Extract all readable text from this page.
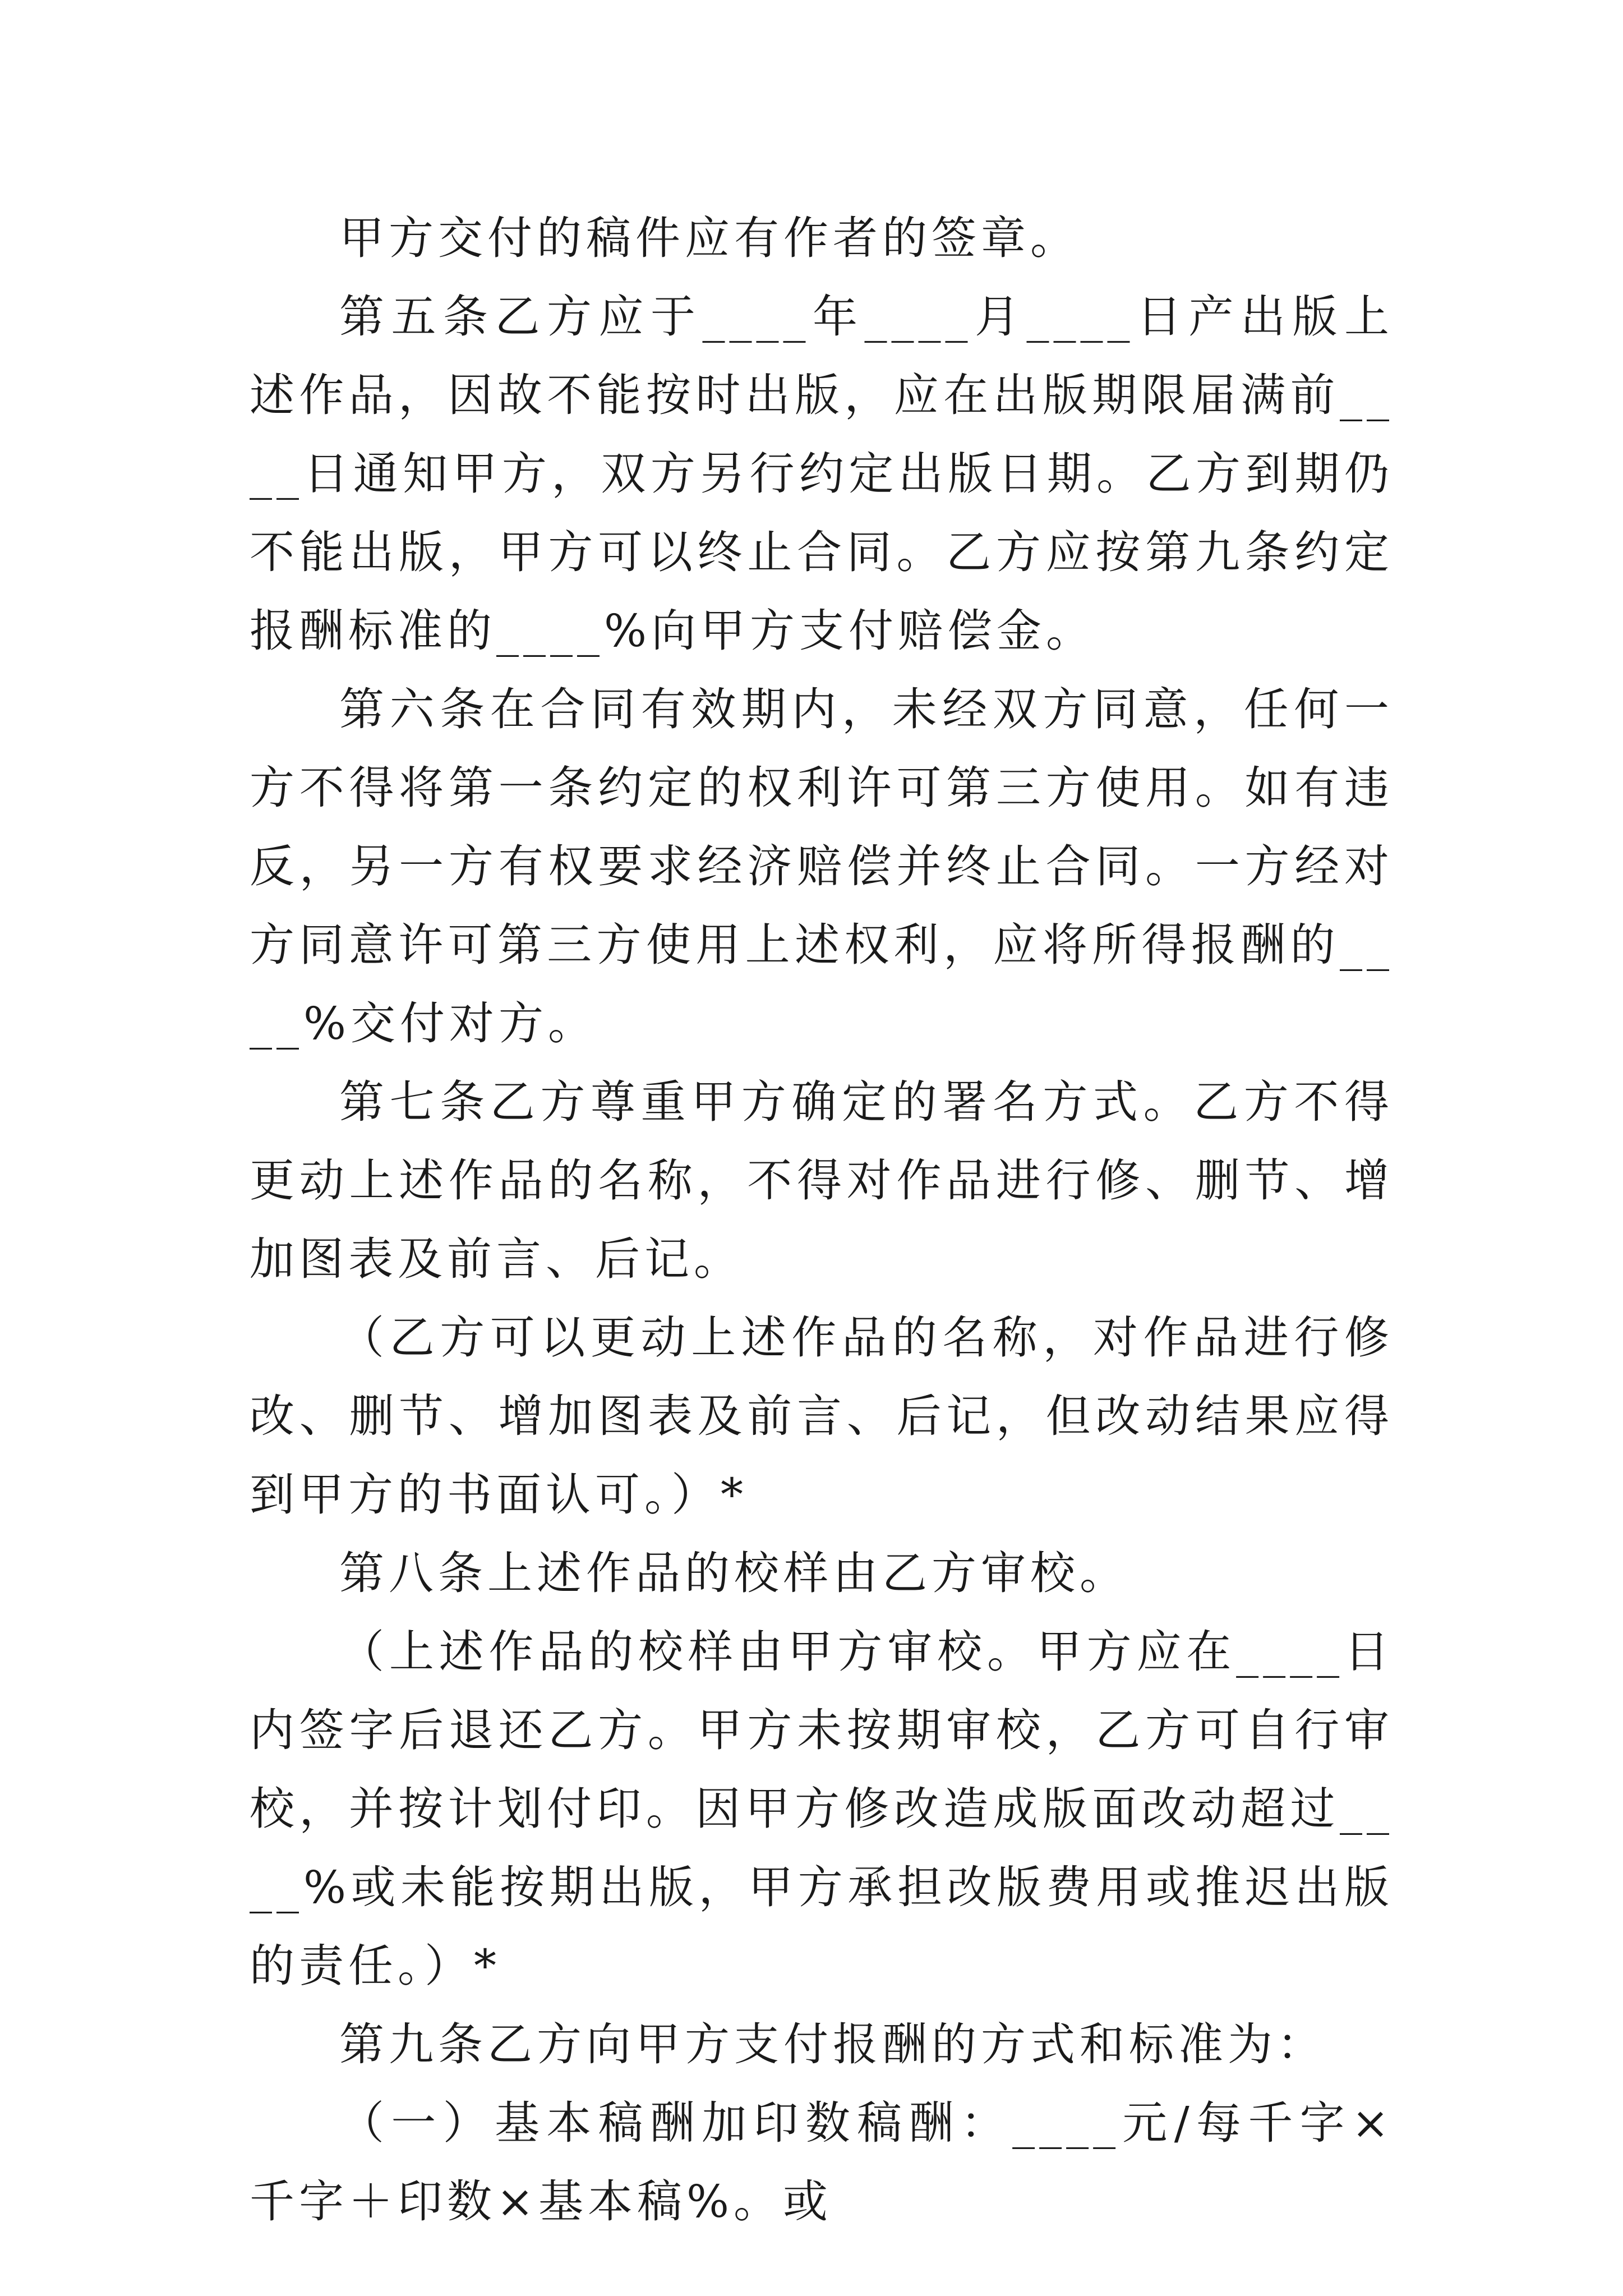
甲方交付的稿件应有作者的签章。

第五条乙方应于____年____月____日产出版上述作品，因故不能按时出版，应在出版期限届满前____日通知甲方，双方另行约定出版日期。乙方到期仍不能出版，甲方可以终止合同。乙方应按第九条约定报酬标准的____%向甲方支付赔偿金。

第六条在合同有效期内，未经双方同意，任何一方不得将第一条约定的权利许可第三方使用。如有违反，另一方有权要求经济赔偿并终止合同。一方经对方同意许可第三方使用上述权利，应将所得报酬的____%交付对方。

第七条乙方尊重甲方确定的署名方式。乙方不得更动上述作品的名称，不得对作品进行修、删节、增加图表及前言、后记。

（乙方可以更动上述作品的名称，对作品进行修改、删节、增加图表及前言、后记，但改动结果应得到甲方的书面认可。）*

第八条上述作品的校样由乙方审校。

（上述作品的校样由甲方审校。甲方应在____日内签字后退还乙方。甲方未按期审校，乙方可自行审校，并按计划付印。因甲方修改造成版面改动超过____%或未能按期出版，甲方承担改版费用或推迟出版的责任。）*

第九条乙方向甲方支付报酬的方式和标准为：

（一）基本稿酬加印数稿酬：____元/每千字×千字＋印数×基本稿%。或
